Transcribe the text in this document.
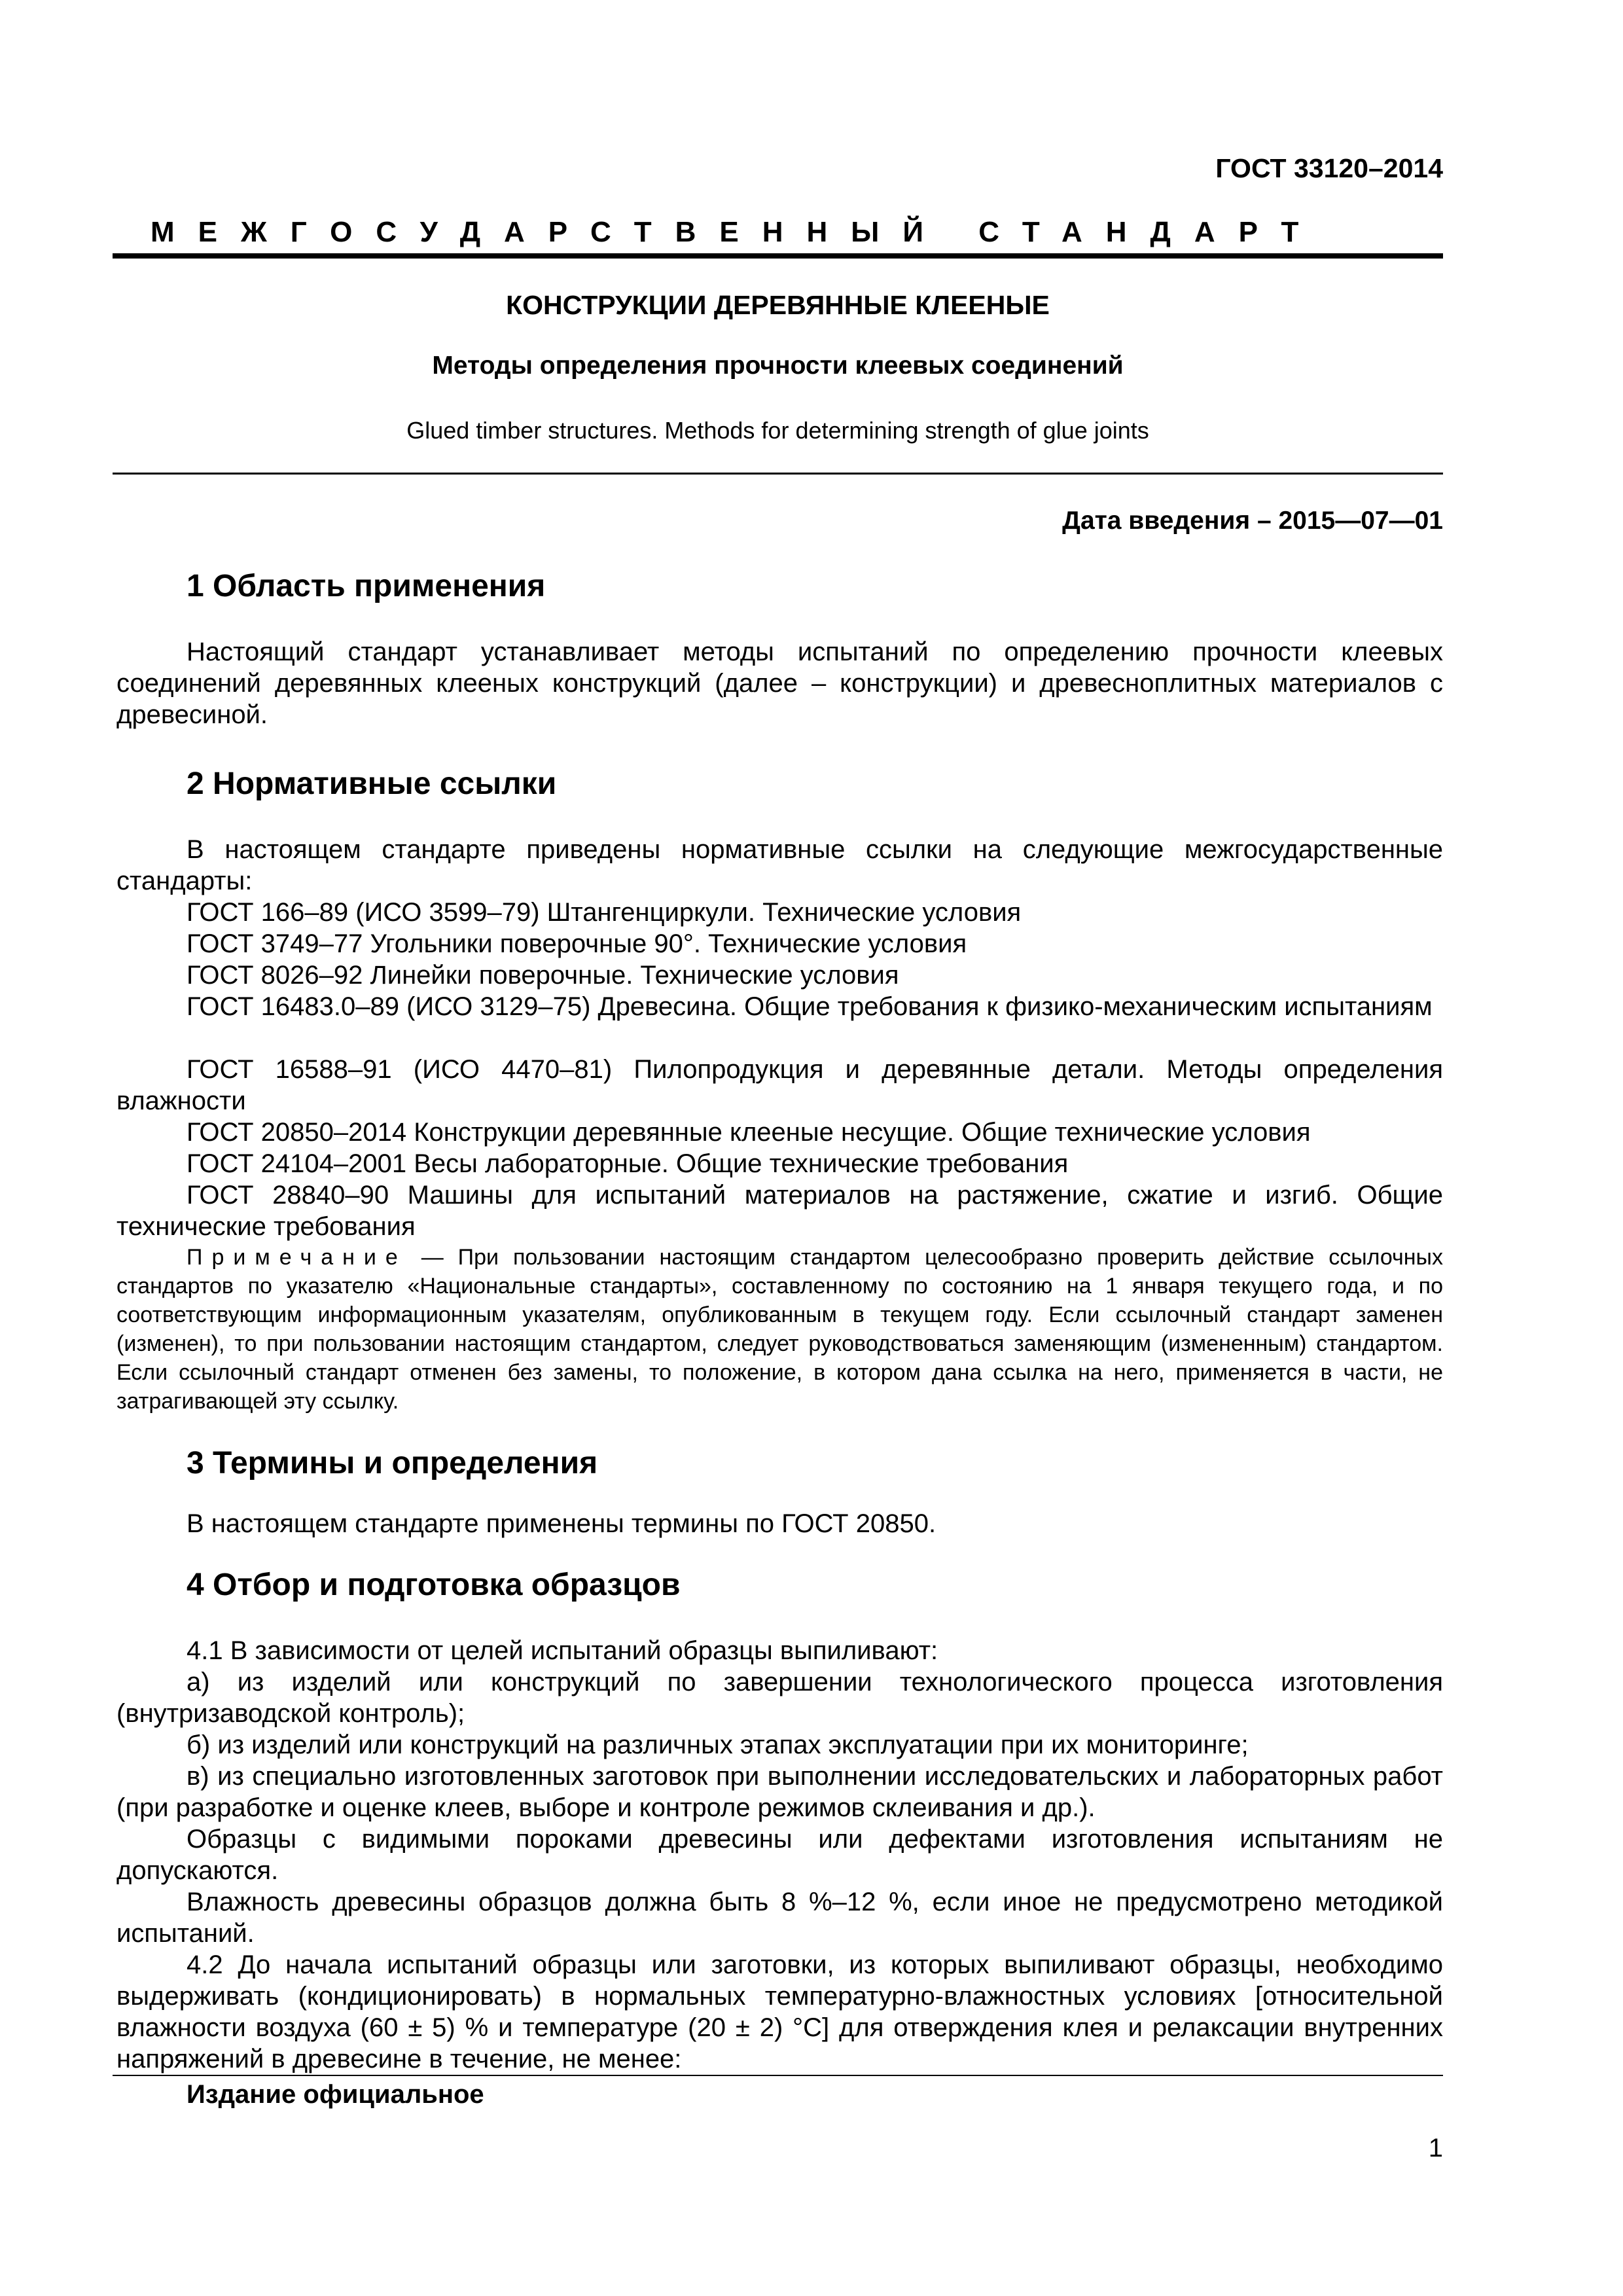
ГОСТ 33120–2014
МЕЖГОСУДАРСТВЕННЫЙ СТАНДАРТ
КОНСТРУКЦИИ ДЕРЕВЯННЫЕ КЛЕЕНЫЕ
Методы определения прочности клеевых соединений
Glued timber structures. Methods for determining strength of glue joints
Дата введения – 2015—07—01
1 Область применения
Настоящий стандарт устанавливает методы испытаний по определению прочности клеевых соединений деревянных клееных конструкций (далее – конструкции) и древесноплитных материалов с древесиной.
2 Нормативные ссылки
В настоящем стандарте приведены нормативные ссылки на следующие межгосударственные стандарты:
ГОСТ 166–89 (ИСО 3599–79) Штангенциркули. Технические условия
ГОСТ 3749–77 Угольники поверочные 90°. Технические условия
ГОСТ 8026–92 Линейки поверочные. Технические условия
ГОСТ 16483.0–89 (ИСО 3129–75) Древесина. Общие требования к физико-механическим испытаниям
ГОСТ 16588–91 (ИСО 4470–81) Пилопродукция и деревянные детали. Методы определения влажности
ГОСТ 20850–2014 Конструкции деревянные клееные несущие. Общие технические условия
ГОСТ 24104–2001 Весы лабораторные. Общие технические требования
ГОСТ 28840–90 Машины для испытаний материалов на растяжение, сжатие и изгиб. Общие технические требования
Примечание — При пользовании настоящим стандартом целесообразно проверить действие ссылочных стандартов по указателю «Национальные стандарты», составленному по состоянию на 1 января текущего года, и по соответствующим информационным указателям, опубликованным в текущем году. Если ссылочный стандарт заменен (изменен), то при пользовании настоящим стандартом, следует руководствоваться заменяющим (измененным) стандартом. Если ссылочный стандарт отменен без замены, то положение, в котором дана ссылка на него, применяется в части, не затрагивающей эту ссылку.
3 Термины и определения
В настоящем стандарте применены термины по ГОСТ 20850.
4 Отбор и подготовка образцов
4.1 В зависимости от целей испытаний образцы выпиливают:
а) из изделий или конструкций по завершении технологического процесса изготовления (внутризаводской контроль);
б) из изделий или конструкций на различных этапах эксплуатации при их мониторинге;
в) из специально изготовленных заготовок при выполнении исследовательских и лабораторных работ (при разработке и оценке клеев, выборе и контроле режимов склеивания и др.).
Образцы с видимыми пороками древесины или дефектами изготовления испытаниям не допускаются.
Влажность древесины образцов должна быть 8 %–12 %, если иное не предусмотрено методикой испытаний.
4.2 До начала испытаний образцы или заготовки, из которых выпиливают образцы, необходимо выдерживать (кондиционировать) в нормальных температурно-влажностных условиях [относительной влажности воздуха (60 ± 5) % и температуре (20 ± 2) °С] для отверждения клея и релаксации внутренних напряжений в древесине в течение, не менее:
Издание официальное
1
